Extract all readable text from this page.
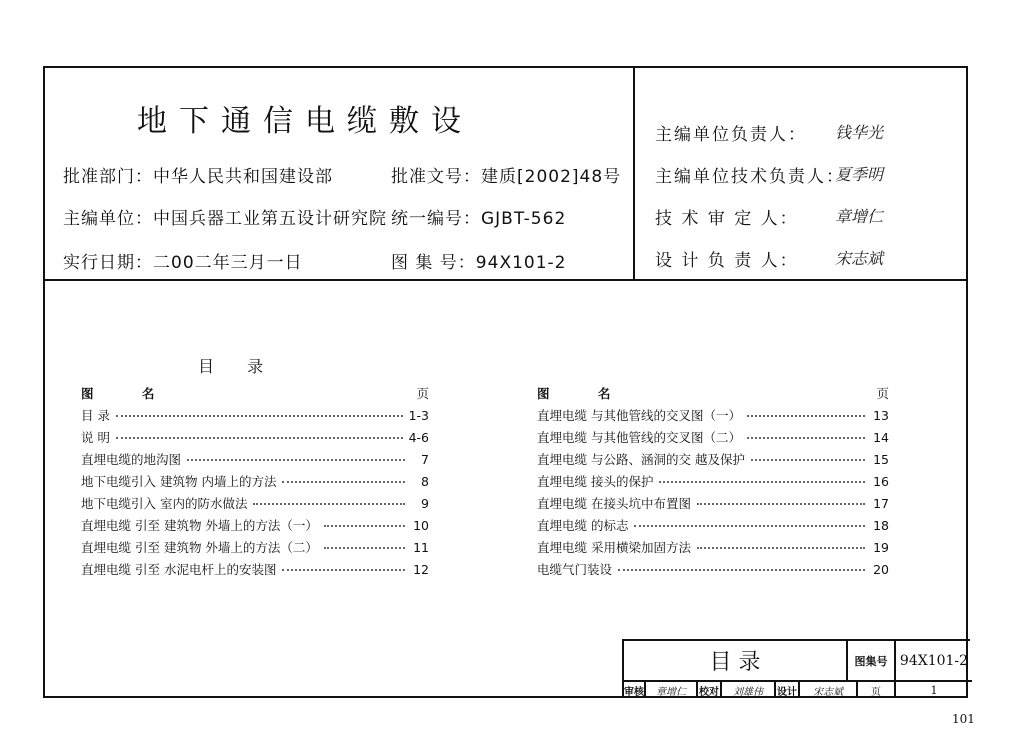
地下通信电缆敷设
批准部门：中华人民共和国建设部	批准文号：建质[2002]48号
主编单位：中国兵器工业第五设计研究院 统一编号：GJBT-562
实行日期：二00二年三月一日	图 集 号：94X101-2
主编单位负责人： 钱华光
主编单位技术负责人：
夏季明
技 术 审 定 人： 章增仁
设 计 负 责 人： 宋志斌
目 录
图 名	页
目 录	1-3
说 明	4-6
直埋电缆的地沟图	7
地下电缆引入 建筑物 内墙上的方法	8
地下电缆引入 室内的防水做法	9
直埋电缆 引至 建筑物 外墙上的方法（一）	10
直埋电缆 引至 建筑物 外墙上的方法（二）	11
直埋电缆 引至 水泥电杆上的安装图	12
图 名	页
直埋电缆 与其他管线的交叉图（一）	13
直埋电缆 与其他管线的交叉图（二）	14
直埋电缆 与公路、涵洞的交 越及保护	15
直埋电缆 接头的保护	16
直埋电缆 在接头坑中布置图	17
直埋电缆 的标志	18
直埋电缆 采用横梁加固方法	19
电缆气门装设	20
目 录	图集号 94X101-2
审核	章增仁	校对	刘雄伟	设计	宋志斌	页	1
101
